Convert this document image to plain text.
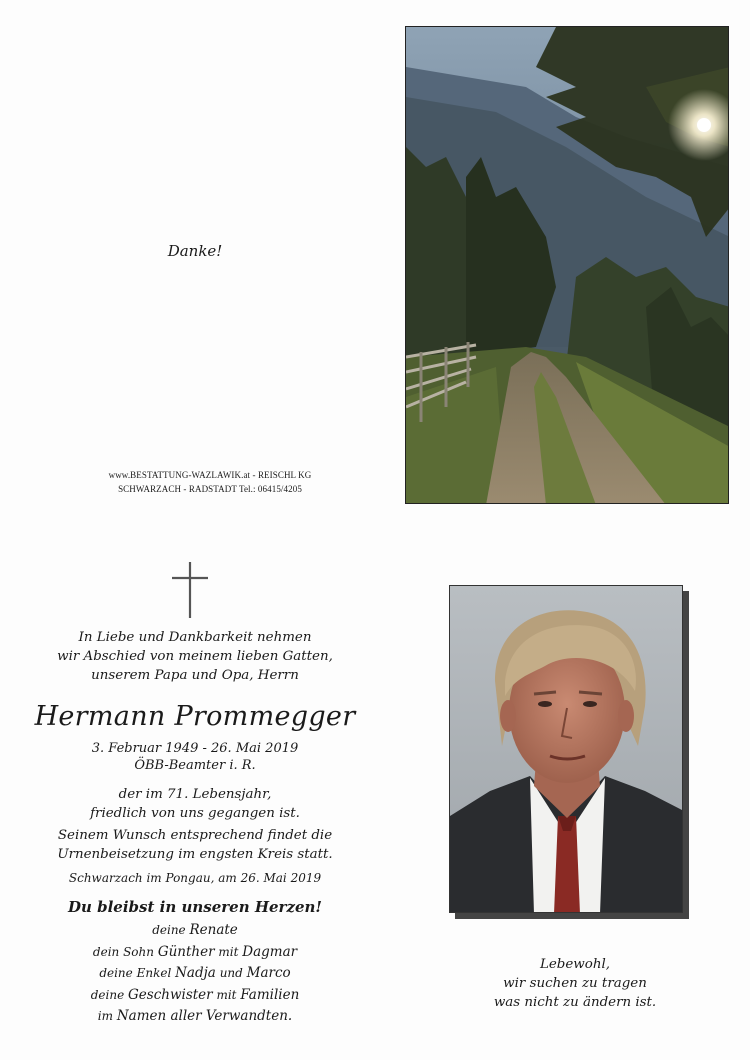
Danke!
www.BESTATTUNG-WAZLAWIK.at - REISCHL KG
SCHWARZACH - RADSTADT Tel.: 06415/4205
In Liebe und Dankbarkeit nehmen
wir Abschied von meinem lieben Gatten,
unserem Papa und Opa, Herrn
Hermann Prommegger
3. Februar 1949 - 26. Mai 2019
ÖBB-Beamter i. R.
der im 71. Lebensjahr,
friedlich von uns gegangen ist.
Seinem Wunsch entsprechend findet die
Urnenbeisetzung im engsten Kreis statt.
Schwarzach im Pongau, am 26. Mai 2019
Du bleibst in unseren Herzen!
deine Renate
dein Sohn Günther mit Dagmar
deine Enkel Nadja und Marco
deine Geschwister mit Familien
im Namen aller Verwandten.
Lebewohl,
wir suchen zu tragen
was nicht zu ändern ist.
